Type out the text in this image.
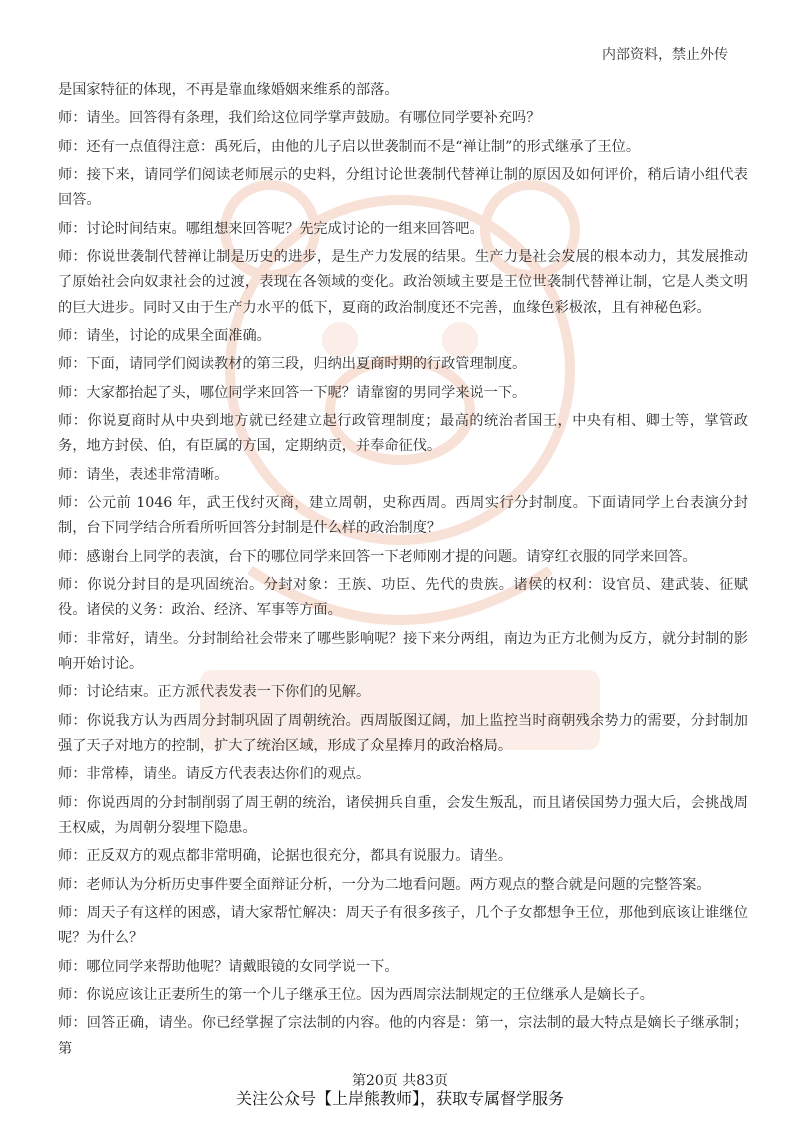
内部资料，禁止外传

是国家特征的体现，不再是靠血缘婚姻来维系的部落。

师：请坐。回答得有条理，我们给这位同学掌声鼓励。有哪位同学要补充吗？

师：还有一点值得注意：禹死后，由他的儿子启以世袭制而不是“禅让制”的形式继承了王位。

师：接下来，请同学们阅读老师展示的史料，分组讨论世袭制代替禅让制的原因及如何评价，稍后请小组代表回答。

师：讨论时间结束。哪组想来回答呢？先完成讨论的一组来回答吧。

师：你说世袭制代替禅让制是历史的进步，是生产力发展的结果。生产力是社会发展的根本动力，其发展推动了原始社会向奴隶社会的过渡，表现在各领域的变化。政治领域主要是王位世袭制代替禅让制，它是人类文明的巨大进步。同时又由于生产力水平的低下，夏商的政治制度还不完善，血缘色彩极浓，且有神秘色彩。

师：请坐，讨论的成果全面准确。

师：下面，请同学们阅读教材的第三段，归纳出夏商时期的行政管理制度。

师：大家都抬起了头，哪位同学来回答一下呢？请靠窗的男同学来说一下。

师：你说夏商时从中央到地方就已经建立起行政管理制度；最高的统治者国王，中央有相、卿士等，掌管政务，地方封侯、伯，有臣属的方国，定期纳贡，并奉命征伐。

师：请坐，表述非常清晰。

师：公元前 1046 年，武王伐纣灭商，建立周朝，史称西周。西周实行分封制度。下面请同学上台表演分封制，台下同学结合所看所听回答分封制是什么样的政治制度？

师：感谢台上同学的表演，台下的哪位同学来回答一下老师刚才提的问题。请穿红衣服的同学来回答。

师：你说分封目的是巩固统治。分封对象：王族、功臣、先代的贵族。诸侯的权利：设官员、建武装、征赋役。诸侯的义务：政治、经济、军事等方面。

师：非常好，请坐。分封制给社会带来了哪些影响呢？接下来分两组，南边为正方北侧为反方，就分封制的影响开始讨论。

师：讨论结束。正方派代表发表一下你们的见解。

师：你说我方认为西周分封制巩固了周朝统治。西周版图辽阔，加上监控当时商朝残余势力的需要，分封制加强了天子对地方的控制，扩大了统治区域，形成了众星捧月的政治格局。

师：非常棒，请坐。请反方代表表达你们的观点。

师：你说西周的分封制削弱了周王朝的统治，诸侯拥兵自重，会发生叛乱，而且诸侯国势力强大后，会挑战周王权威，为周朝分裂埋下隐患。

师：正反双方的观点都非常明确，论据也很充分，都具有说服力。请坐。

师：老师认为分析历史事件要全面辩证分析，一分为二地看问题。两方观点的整合就是问题的完整答案。

师：周天子有这样的困惑，请大家帮忙解决：周天子有很多孩子，几个子女都想争王位，那他到底该让谁继位呢？为什么？

师：哪位同学来帮助他呢？请戴眼镜的女同学说一下。

师：你说应该让正妻所生的第一个儿子继承王位。因为西周宗法制规定的王位继承人是嫡长子。

师：回答正确，请坐。你已经掌握了宗法制的内容。他的内容是：第一，宗法制的最大特点是嫡长子继承制；第

第20页 共83页
关注公众号【上岸熊教师】，获取专属督学服务
